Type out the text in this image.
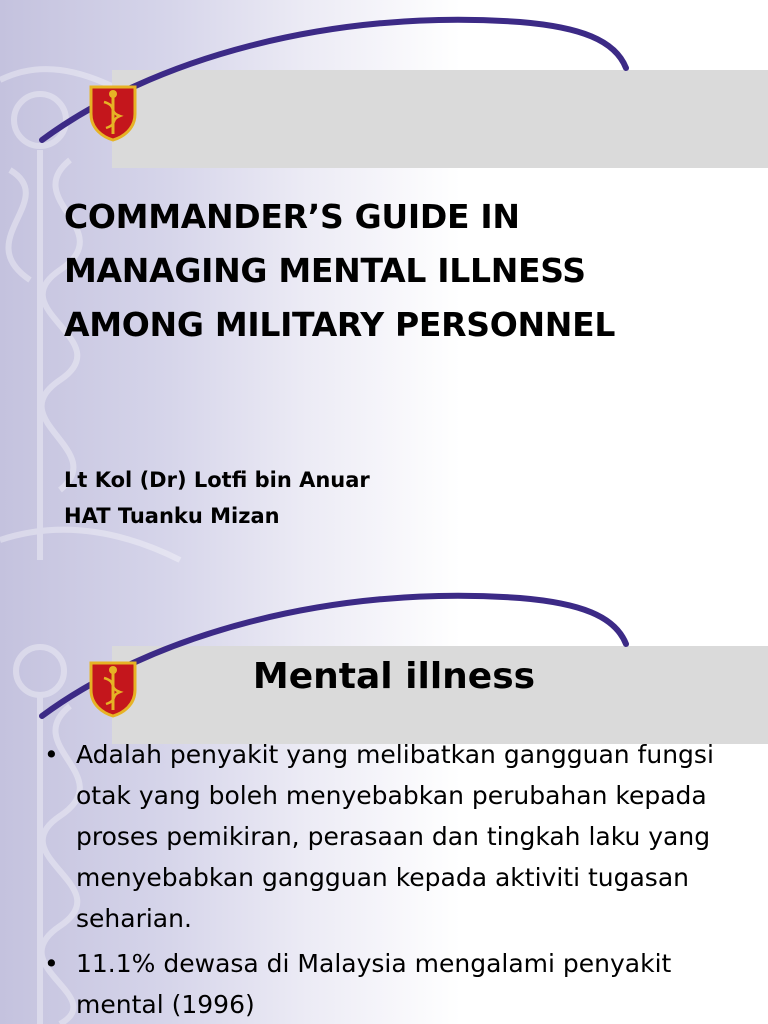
COMMANDER’S GUIDE IN
MANAGING MENTAL ILLNESS
AMONG MILITARY PERSONNEL
Lt Kol (Dr) Lotfi bin Anuar
HAT Tuanku Mizan
Mental illness
• Adalah penyakit yang melibatkan gangguan fungsi otak yang boleh menyebabkan perubahan kepada proses pemikiran, perasaan dan tingkah laku yang menyebabkan gangguan kepada aktiviti tugasan seharian.
• 11.1% dewasa di Malaysia mengalami penyakit mental (1996)
